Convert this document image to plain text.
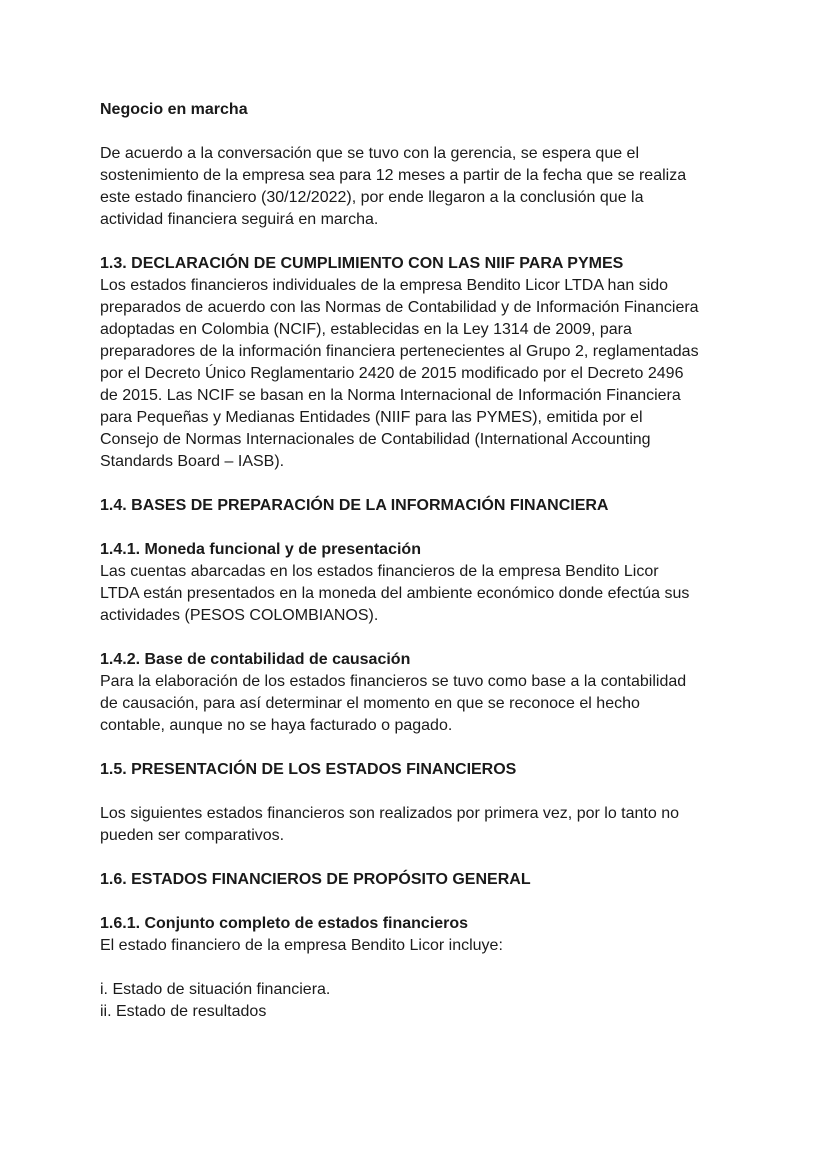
Negocio en marcha
De acuerdo a la conversación que se tuvo con la gerencia, se espera que el
sostenimiento de la empresa sea para 12 meses a partir de la fecha que se realiza
este estado financiero (30/12/2022), por ende llegaron a la conclusión que la
actividad financiera seguirá en marcha.
1.3. DECLARACIÓN DE CUMPLIMIENTO CON LAS NIIF PARA PYMES
Los estados financieros individuales de la empresa Bendito Licor LTDA han sido
preparados de acuerdo con las Normas de Contabilidad y de Información Financiera
adoptadas en Colombia (NCIF), establecidas en la Ley 1314 de 2009, para
preparadores de la información financiera pertenecientes al Grupo 2, reglamentadas
por el Decreto Único Reglamentario 2420 de 2015 modificado por el Decreto 2496
de 2015. Las NCIF se basan en la Norma Internacional de Información Financiera
para Pequeñas y Medianas Entidades (NIIF para las PYMES), emitida por el
Consejo de Normas Internacionales de Contabilidad (International Accounting
Standards Board – IASB).
1.4. BASES DE PREPARACIÓN DE LA INFORMACIÓN FINANCIERA
1.4.1. Moneda funcional y de presentación
Las cuentas abarcadas en los estados financieros de la empresa Bendito Licor
LTDA están presentados en la moneda del ambiente económico donde efectúa sus
actividades (PESOS COLOMBIANOS).
1.4.2. Base de contabilidad de causación
Para la elaboración de los estados financieros se tuvo como base a la contabilidad
de causación, para así determinar el momento en que se reconoce el hecho
contable, aunque no se haya facturado o pagado.
1.5. PRESENTACIÓN DE LOS ESTADOS FINANCIEROS
Los siguientes estados financieros son realizados por primera vez, por lo tanto no
pueden ser comparativos.
1.6. ESTADOS FINANCIEROS DE PROPÓSITO GENERAL
1.6.1. Conjunto completo de estados financieros
El estado financiero de la empresa Bendito Licor incluye:
i. Estado de situación financiera.
ii. Estado de resultados
